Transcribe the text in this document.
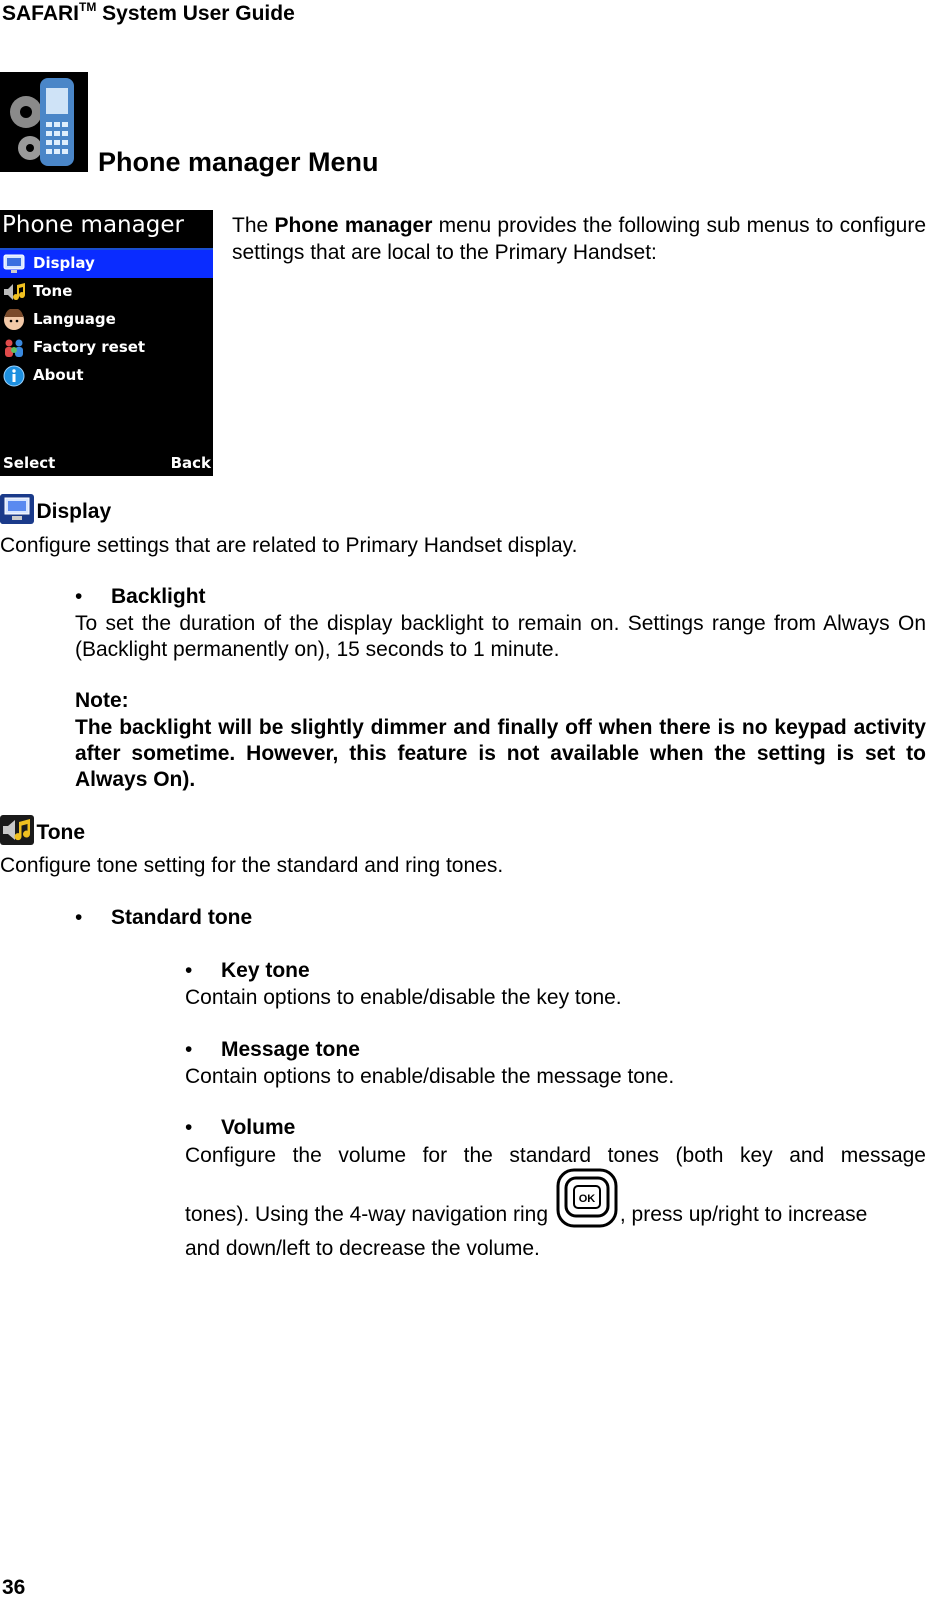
SAFARI™ System User Guide
Phone manager Menu
Phone manager
Display
Tone
Language
Factory reset
About
Select	Back
The Phone manager menu provides the following sub menus to configure settings that are local to the Primary Handset:
Display
Configure settings that are related to Primary Handset display.
• Backlight
To set the duration of the display backlight to remain on. Settings range from Always On (Backlight permanently on), 15 seconds to 1 minute.
Note:
The backlight will be slightly dimmer and finally off when there is no keypad activity after sometime. However, this feature is not available when the setting is set to Always On).
Tone
Configure tone setting for the standard and ring tones.
• Standard tone
• Key tone
Contain options to enable/disable the key tone.
• Message tone
Contain options to enable/disable the message tone.
• Volume
Configure the volume for the standard tones (both key and message
tones). Using the 4-way navigation ring
OK
, press up/right to increase
and down/left to decrease the volume.
36
